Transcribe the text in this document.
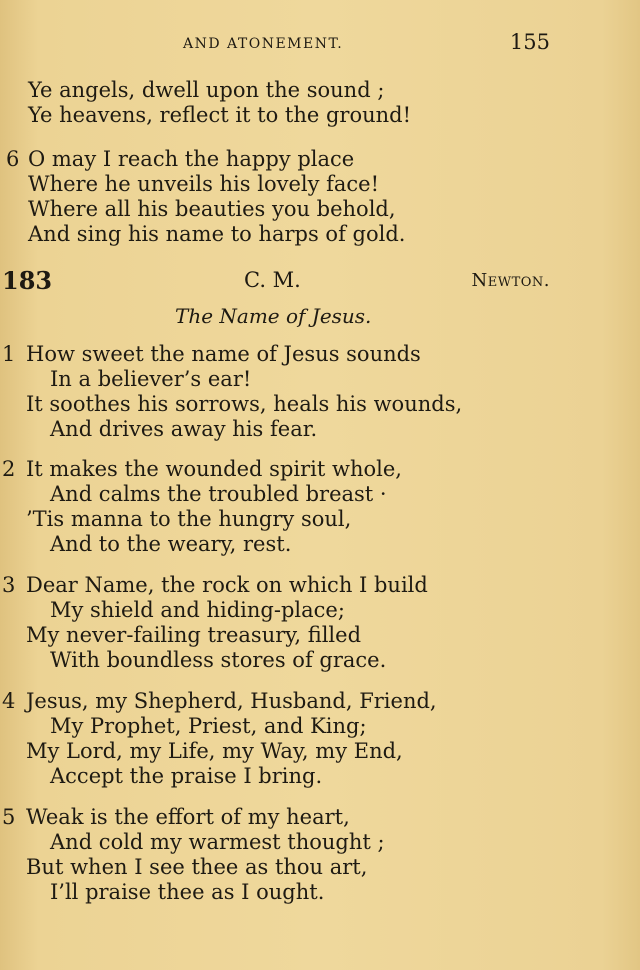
AND ATONEMENT.	155
Ye angels, dwell upon the sound ;
Ye heavens, reflect it to the ground!
6 O may I reach the happy place
Where he unveils his lovely face!
Where all his beauties you behold,
And sing his name to harps of gold.
183	C. M.	Newton.
The Name of Jesus.
1 How sweet the name of Jesus sounds
In a believer’s ear!
It soothes his sorrows, heals his wounds,
And drives away his fear.
2 It makes the wounded spirit whole,
And calms the troubled breast ·
’Tis manna to the hungry soul,
And to the weary, rest.
3 Dear Name, the rock on which I build
My shield and hiding-place;
My never-failing treasury, filled
With boundless stores of grace.
4 Jesus, my Shepherd, Husband, Friend,
My Prophet, Priest, and King;
My Lord, my Life, my Way, my End,
Accept the praise I bring.
5 Weak is the effort of my heart,
And cold my warmest thought ;
But when I see thee as thou art,
I’ll praise thee as I ought.
